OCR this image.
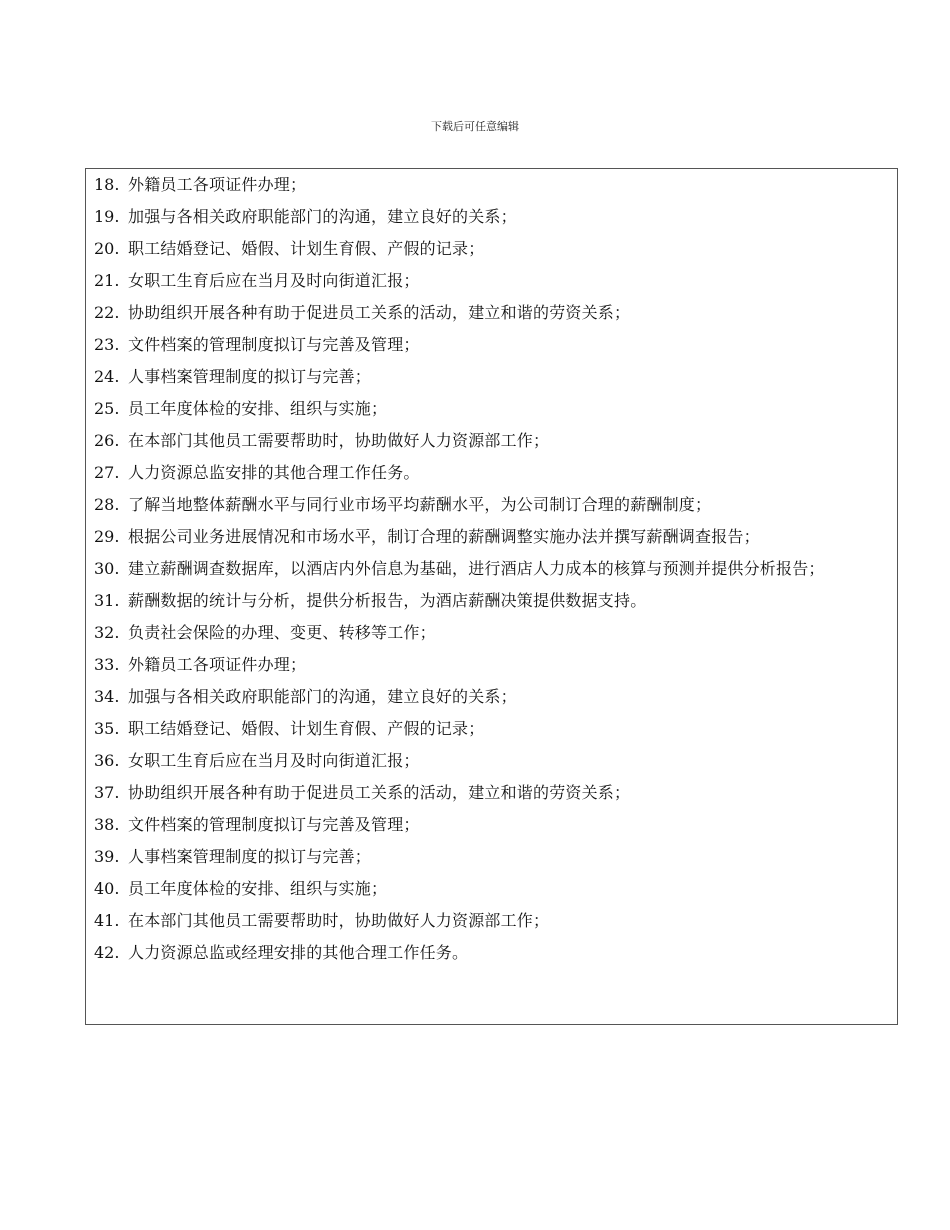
下载后可任意编辑
18. 外籍员工各项证件办理；
19. 加强与各相关政府职能部门的沟通，建立良好的关系；
20. 职工结婚登记、婚假、计划生育假、产假的记录；
21. 女职工生育后应在当月及时向街道汇报；
22. 协助组织开展各种有助于促进员工关系的活动，建立和谐的劳资关系；
23. 文件档案的管理制度拟订与完善及管理；
24. 人事档案管理制度的拟订与完善；
25. 员工年度体检的安排、组织与实施；
26. 在本部门其他员工需要帮助时，协助做好人力资源部工作；
27. 人力资源总监安排的其他合理工作任务。
28. 了解当地整体薪酬水平与同行业市场平均薪酬水平，为公司制订合理的薪酬制度；
29. 根据公司业务进展情况和市场水平，制订合理的薪酬调整实施办法并撰写薪酬调查报告；
30. 建立薪酬调查数据库，以酒店内外信息为基础，进行酒店人力成本的核算与预测并提供分析报告；
31. 薪酬数据的统计与分析，提供分析报告，为酒店薪酬决策提供数据支持。
32. 负责社会保险的办理、变更、转移等工作；
33. 外籍员工各项证件办理；
34. 加强与各相关政府职能部门的沟通，建立良好的关系；
35. 职工结婚登记、婚假、计划生育假、产假的记录；
36. 女职工生育后应在当月及时向街道汇报；
37. 协助组织开展各种有助于促进员工关系的活动，建立和谐的劳资关系；
38. 文件档案的管理制度拟订与完善及管理；
39. 人事档案管理制度的拟订与完善；
40. 员工年度体检的安排、组织与实施；
41. 在本部门其他员工需要帮助时，协助做好人力资源部工作；
42. 人力资源总监或经理安排的其他合理工作任务。
